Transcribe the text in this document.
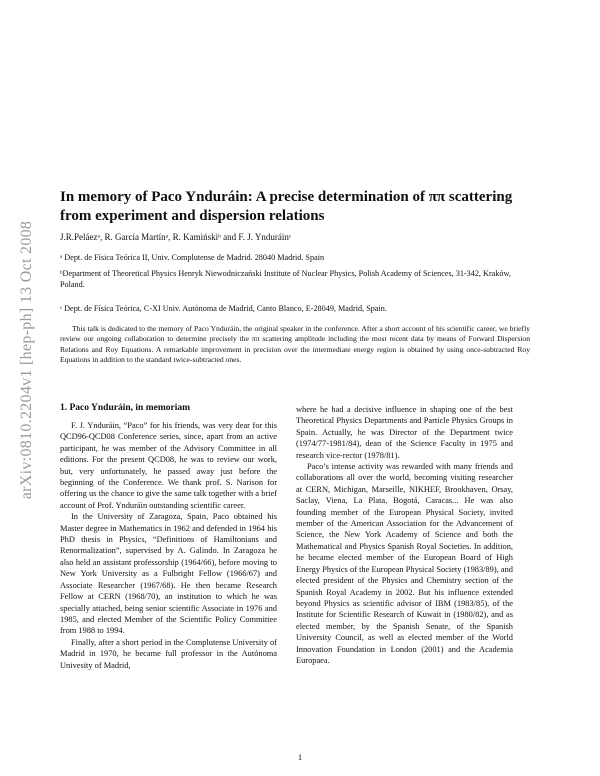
arXiv:0810.2204v1 [hep-ph] 13 Oct 2008
In memory of Paco Ynduráin: A precise determination of ππ scattering from experiment and dispersion relations
J.R.Peláezᵃ, R. García Martínᵃ, R. Kamińskiᵇ and F. J. Ynduráinᶜ
ᵃ Dept. de Física Teórica II, Univ. Complutense de Madrid. 28040 Madrid. Spain
ᵇDepartment of Theoretical Physics Henryk Niewodniczański Institute of Nuclear Physics, Polish Academy of Sciences, 31-342, Kraków, Poland.
ᶜ Dept. de Física Teórica, C-XI Univ. Autónoma de Madrid, Canto Blanco, E-28049, Madrid, Spain.

This talk is dedicated to the memory of Paco Ynduráin, the original speaker in the conference. After a short account of his scientific career, we briefly review our ongoing collaboration to determine precisely the ππ scattering amplitude including the most recent data by means of Forward Dispersion Relations and Roy Equations. A remarkable improvement in precision over the intermediate energy region is obtained by using once-subtracted Roy Equations in addition to the standard twice-subtracted ones.

1. Paco Ynduráin, in memoriam

F. J. Ynduráin, “Paco” for his friends, was very dear for this QCD96-QCD08 Conference series, since, apart from an active participant, he was member of the Advisory Committee in all editions. For the present QCD08, he was to review our work, but, very unfortunately, he passed away just before the beginning of the Conference. We thank prof. S. Narison for offering us the chance to give the same talk together with a brief account of Prof. Ynduráin outstanding scientific career.

In the University of Zaragoza, Spain, Paco obtained his Master degree in Mathematics in 1962 and defended in 1964 his PhD thesis in Physics, “Definitions of Hamiltonians and Renormalization”, supervised by A. Galindo. In Zaragoza he also held an assistant professorship (1964/66), before moving to New York University as a Fulbright Fellow (1966/67) and Associate Researcher (1967/68). He then became Research Fellow at CERN (1968/70), an institution to which he was specially attached, being senior scientific Associate in 1976 and 1985, and elected Member of the Scientific Policy Committee from 1988 to 1994.

Finally, after a short period in the Complutense University of Madrid in 1970, he became full professor in the Autónoma Univesity of Madrid,

where he had a decisive influence in shaping one of the best Theoretical Physics Departments and Particle Physics Groups in Spain. Actually, he was Director of the Department twice (1974/77-1981/84), dean of the Science Faculty in 1975 and research vice-rector (1978/81).

Paco’s intense activity was rewarded with many friends and collaborations all over the world, becoming visiting researcher at CERN, Michigan, Marseille, NIKHEF, Brookhaven, Orsay, Saclay, Viena, La Plata, Bogotá, Caracas... He was also founding member of the European Physical Society, invited member of the American Association for the Advancement of Science, the New York Academy of Science and both the Mathematical and Physics Spanish Royal Societies. In addition, he became elected member of the European Board of High Energy Physics of the European Physical Society (1983/89), and elected president of the Physics and Chemistry section of the Spanish Royal Academy in 2002. But his influence extended beyond Physics as scientific advisor of IBM (1983/85), of the Institute for Scientific Research of Kuwait in (1980/82), and as elected member, by the Spanish Senate, of the Spanish University Council, as well as elected member of the World Innovation Foundation in London (2001) and the Academia Europaea.

1
